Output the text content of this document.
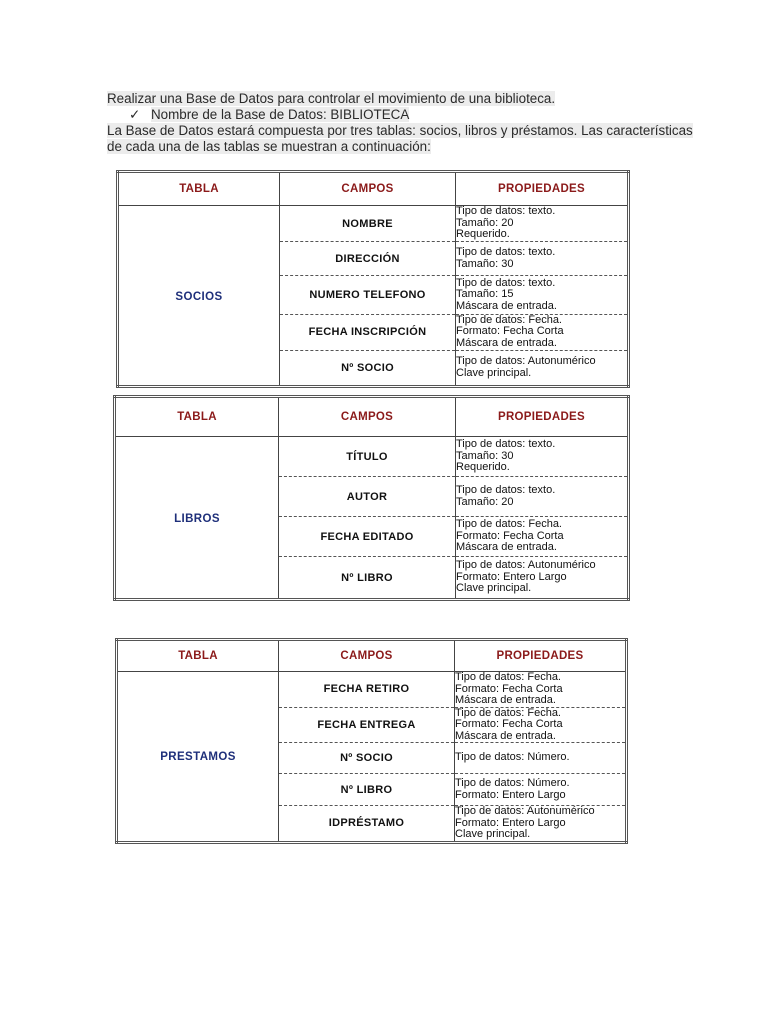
Realizar una Base de Datos para controlar el movimiento de una biblioteca.
✓ Nombre de la Base de Datos: BIBLIOTECA
La Base de Datos estará compuesta por tres tablas: socios, libros y préstamos. Las características
de cada una de las tablas se muestran a continuación:
TABLA	CAMPOS	PROPIEDADES
SOCIOS	NOMBRE	Tipo de datos: texto.
Tamaño: 20
Requerido.

	DIRECCIÓN	Tipo de datos: texto.
Tamaño: 30

	NUMERO TELEFONO	Tipo de datos: texto.
Tamaño: 15
Máscara de entrada.

	FECHA INSCRIPCIÓN	Tipo de datos: Fecha.
Formato: Fecha Corta
Máscara de entrada.

	Nº SOCIO	Tipo de datos: Autonumérico
Clave principal.
TABLA	CAMPOS	PROPIEDADES
LIBROS	TÍTULO	Tipo de datos: texto.
Tamaño: 30
Requerido.

	AUTOR	Tipo de datos: texto.
Tamaño: 20

	FECHA EDITADO	Tipo de datos: Fecha.
Formato: Fecha Corta
Máscara de entrada.

	Nº LIBRO	Tipo de datos: Autonumérico
Formato: Entero Largo
Clave principal.
TABLA	CAMPOS	PROPIEDADES
PRESTAMOS	FECHA RETIRO	Tipo de datos: Fecha.
Formato: Fecha Corta
Máscara de entrada.

	FECHA ENTREGA	Tipo de datos: Fecha.
Formato: Fecha Corta
Máscara de entrada.

	Nº SOCIO	Tipo de datos: Número.

	Nº LIBRO	Tipo de datos: Número.
Formato: Entero Largo

	IDPRÉSTAMO	Tipo de datos: Autonumérico
Formato: Entero Largo
Clave principal.
